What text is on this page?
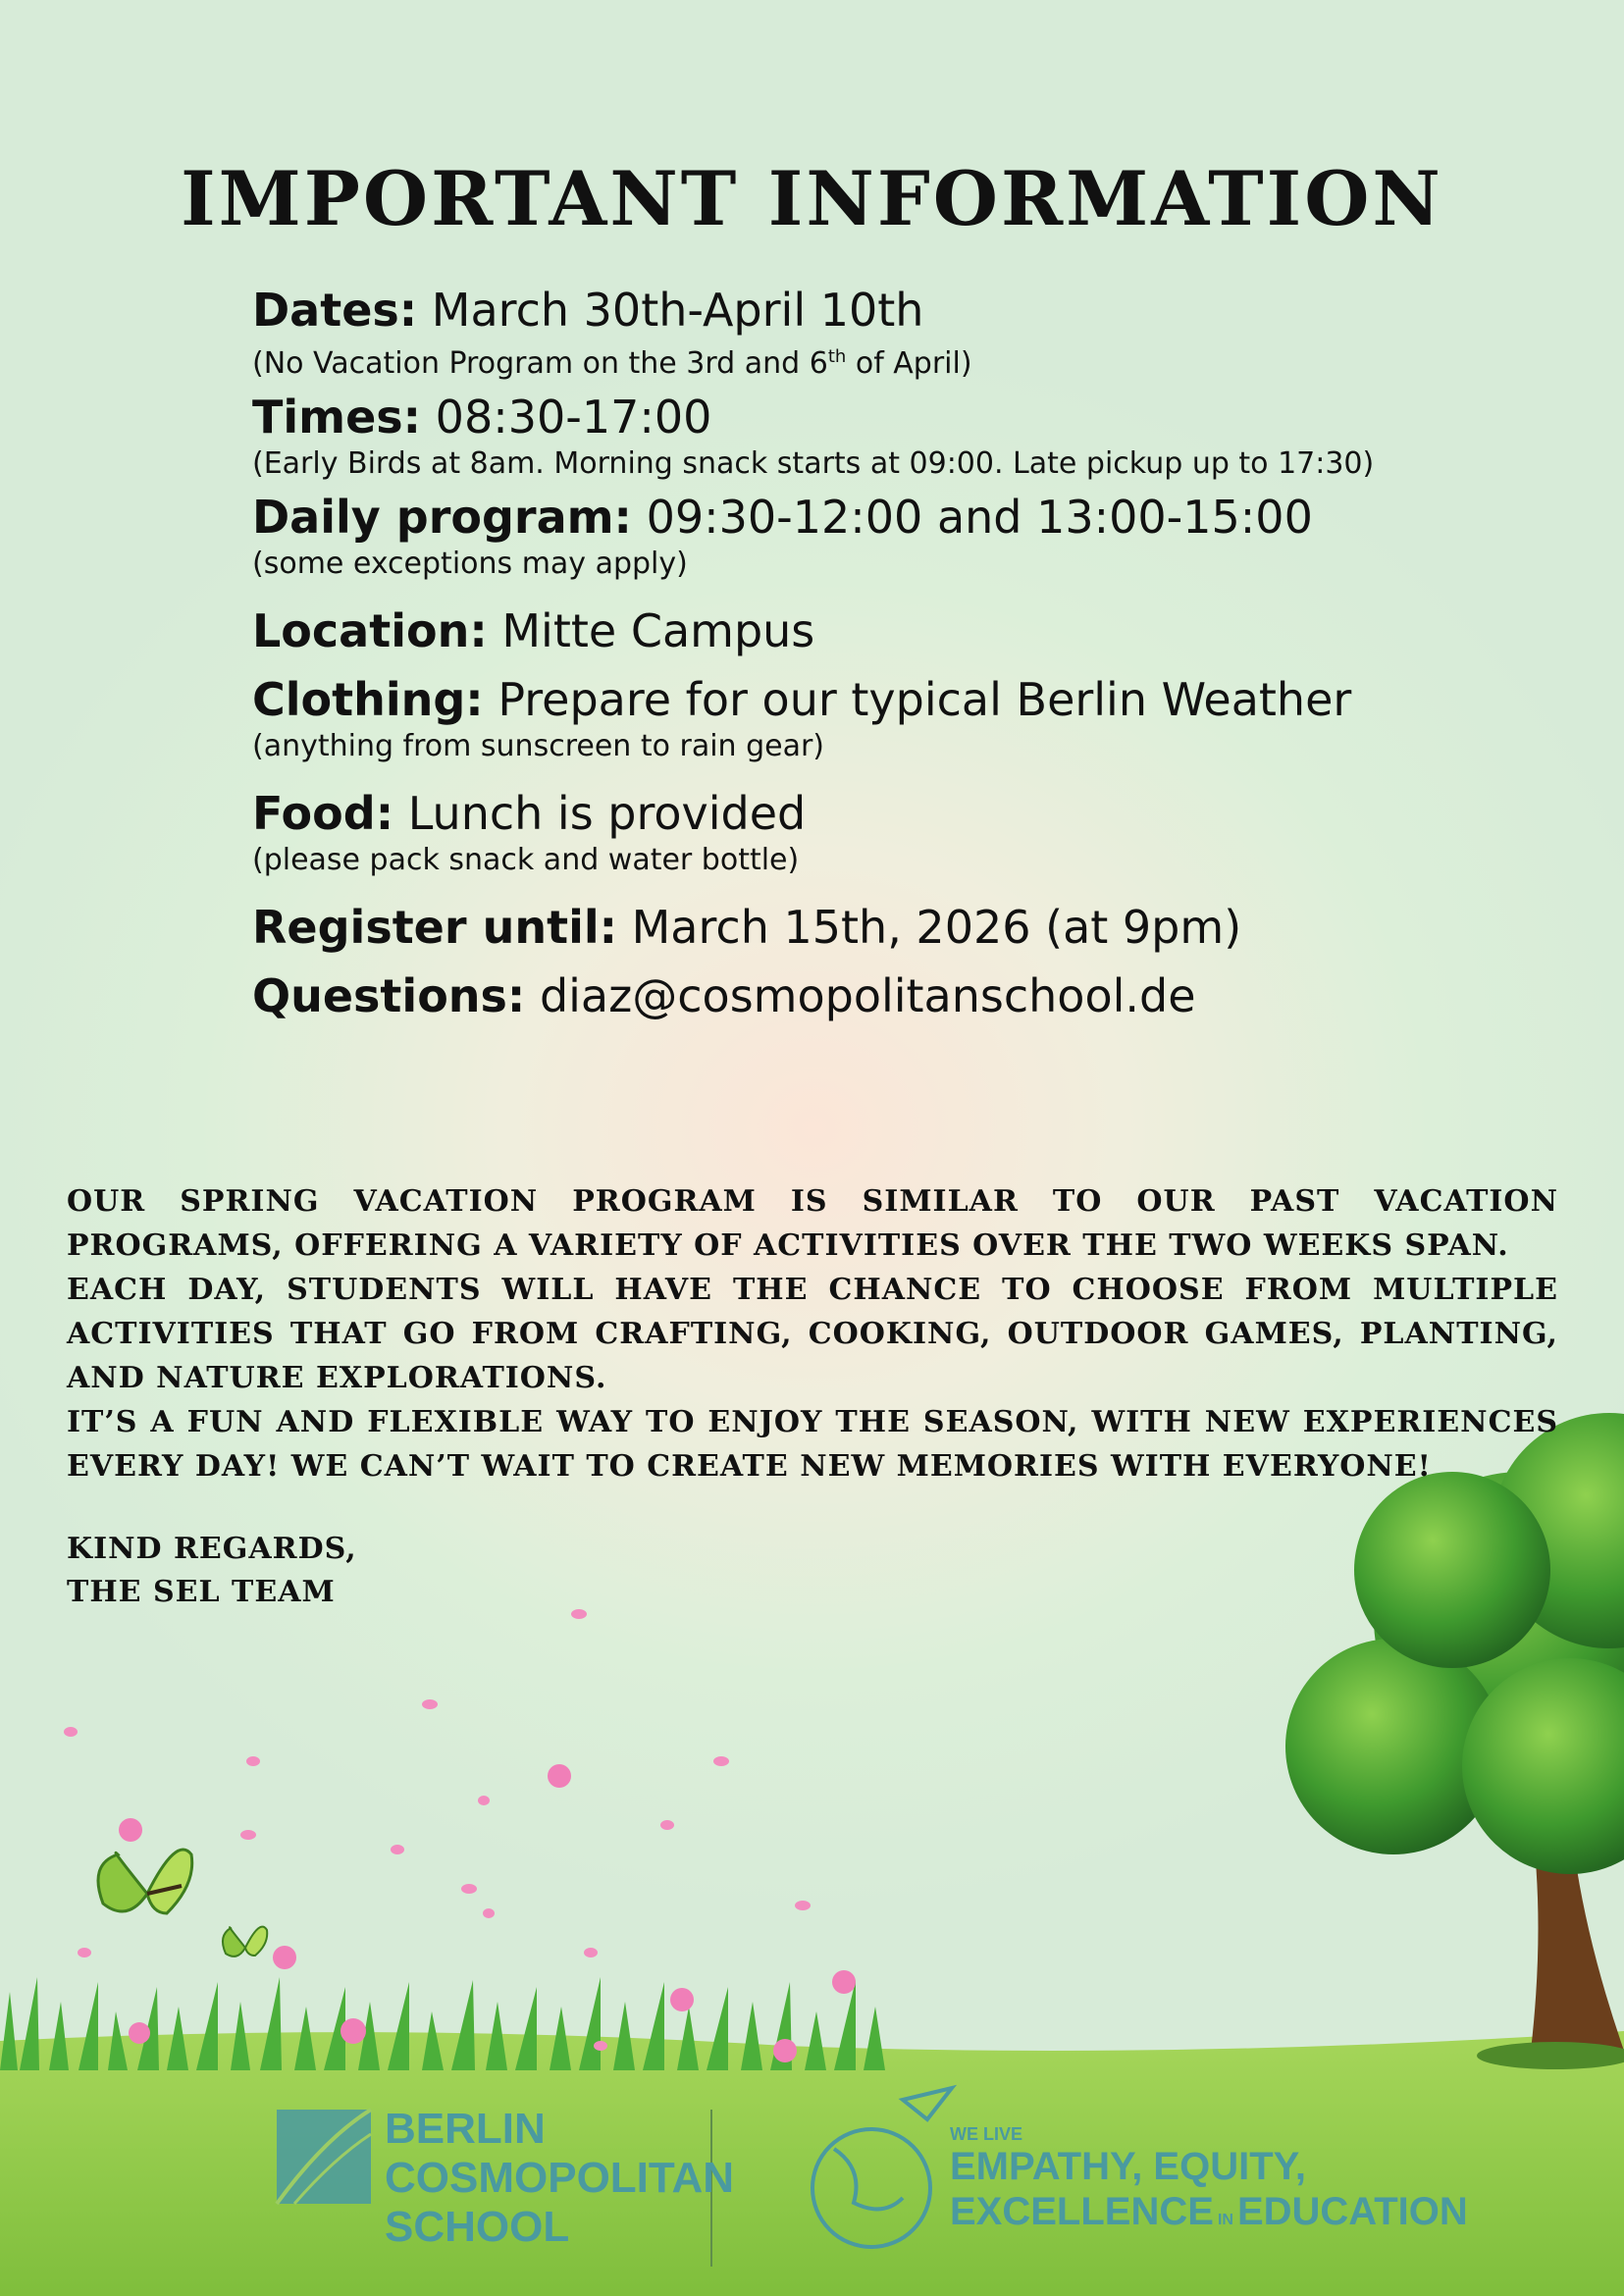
IMPORTANT INFORMATION
Dates: March 30th-April 10th
(No Vacation Program on the 3rd and 6th of April)
Times: 08:30-17:00
(Early Birds at 8am. Morning snack starts at 09:00. Late pickup up to 17:30)
Daily program: 09:30-12:00 and 13:00-15:00
(some exceptions may apply)
Location: Mitte Campus
Clothing: Prepare for our typical Berlin Weather
(anything from sunscreen to rain gear)
Food: Lunch is provided
(please pack snack and water bottle)
Register until: March 15th, 2026 (at 9pm)
Questions: diaz@cosmopolitanschool.de
OUR SPRING VACATION PROGRAM IS SIMILAR TO OUR PAST VACATION PROGRAMS, OFFERING A VARIETY OF ACTIVITIES OVER THE TWO WEEKS SPAN.
EACH DAY, STUDENTS WILL HAVE THE CHANCE TO CHOOSE FROM MULTIPLE ACTIVITIES THAT GO FROM CRAFTING, COOKING, OUTDOOR GAMES, PLANTING, AND NATURE EXPLORATIONS.
IT’S A FUN AND FLEXIBLE WAY TO ENJOY THE SEASON, WITH NEW EXPERIENCES EVERY DAY! WE CAN’T WAIT TO CREATE NEW MEMORIES WITH EVERYONE!
KIND REGARDS,
THE SEL TEAM
BERLIN
COSMOPOLITAN
SCHOOL
WE LIVE
EMPATHY, EQUITY,
EXCELLENCE IN EDUCATION
